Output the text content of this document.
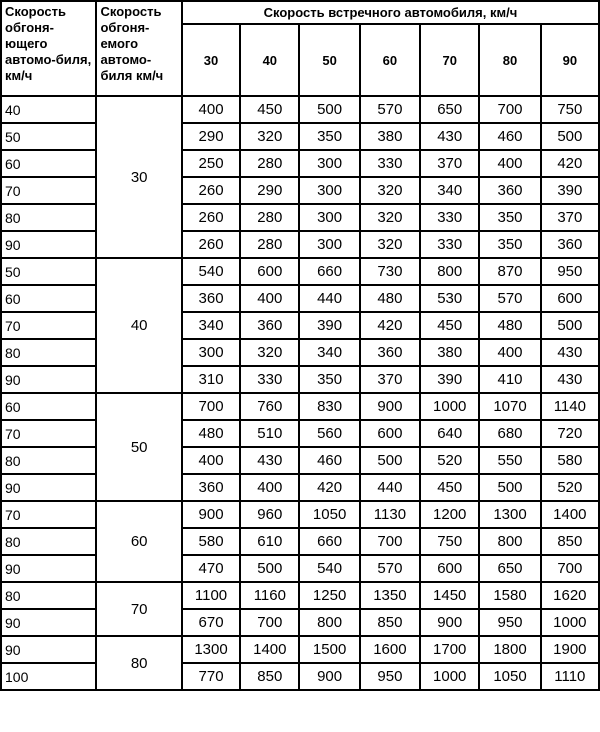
Скорость обгоня-ющего автомо-биля, км/ч	Скорость обгоня-емого автомо-биля км/ч	Скорость встречного автомобиля, км/ч						
		30	40	50	60	70	80	90
40	30	400	450	500	570	650	700	750
50		290	320	350	380	430	460	500
60		250	280	300	330	370	400	420
70		260	290	300	320	340	360	390
80		260	280	300	320	330	350	370
90		260	280	300	320	330	350	360
50	40	540	600	660	730	800	870	950
60		360	400	440	480	530	570	600
70		340	360	390	420	450	480	500
80		300	320	340	360	380	400	430
90		310	330	350	370	390	410	430
60	50	700	760	830	900	1000	1070	1140
70		480	510	560	600	640	680	720
80		400	430	460	500	520	550	580
90		360	400	420	440	450	500	520
70	60	900	960	1050	1130	1200	1300	1400
80		580	610	660	700	750	800	850
90		470	500	540	570	600	650	700
80	70	1100	1160	1250	1350	1450	1580	1620
90		670	700	800	850	900	950	1000
90	80	1300	1400	1500	1600	1700	1800	1900
100		770	850	900	950	1000	1050	1110
